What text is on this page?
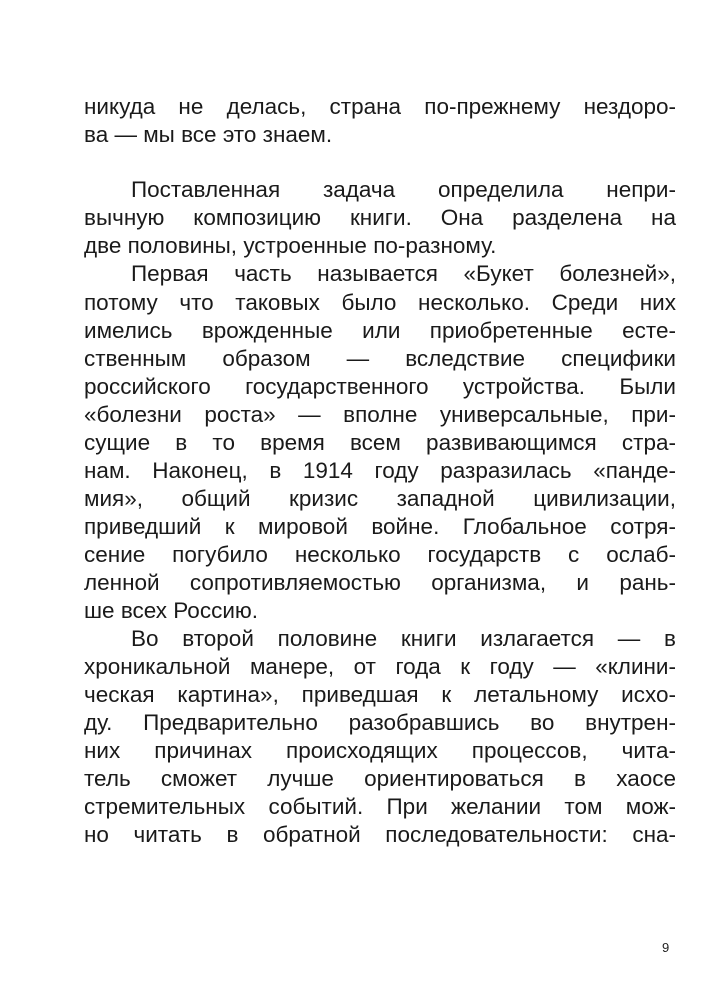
никуда не делась, страна по-прежнему нездоро-
ва — мы все это знаем.
Поставленная задача определила непри-
вычную композицию книги. Она разделена на
две половины, устроенные по-разному.
Первая часть называется «Букет болезней»,
потому что таковых было несколько. Среди них
имелись врожденные или приобретенные есте-
ственным образом — вследствие специфики
российского государственного устройства. Были
«болезни роста» — вполне универсальные, при-
сущие в то время всем развивающимся стра-
нам. Наконец, в 1914 году разразилась «панде-
мия», общий кризис западной цивилизации,
приведший к мировой войне. Глобальное сотря-
сение погубило несколько государств с ослаб-
ленной сопротивляемостью организма, и рань-
ше всех Россию.
Во второй половине книги излагается — в
хроникальной манере, от года к году — «клини-
ческая картина», приведшая к летальному исхо-
ду. Предварительно разобравшись во внутрен-
них причинах происходящих процессов, чита-
тель сможет лучше ориентироваться в хаосе
стремительных событий. При желании том мож-
но читать в обратной последовательности: сна-
9
